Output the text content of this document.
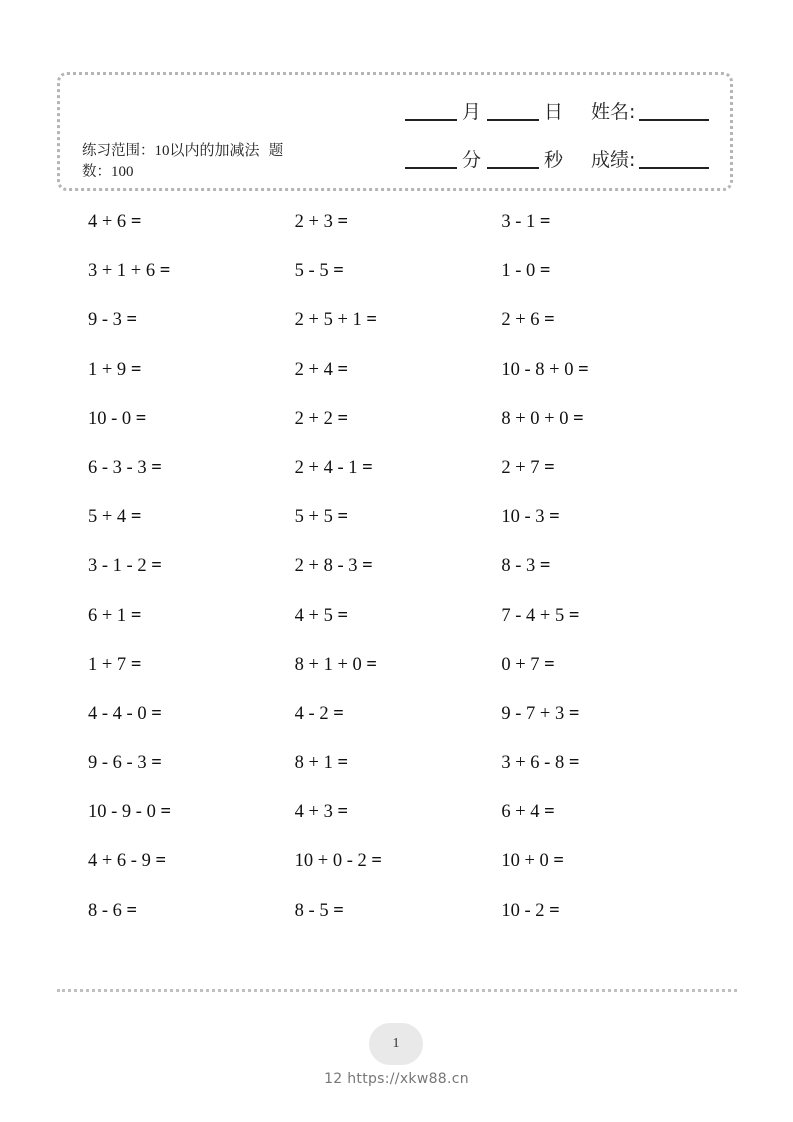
月	日 姓名:
分	秒 成绩:
练习范围：10以内的加减法 题
数：100
4 + 6 =	2 + 3 =	3 - 1 =
3 + 1 + 6 =	5 - 5 =	1 - 0 =
9 - 3 =	2 + 5 + 1 =	2 + 6 =
1 + 9 =	2 + 4 =	10 - 8 + 0 =
10 - 0 =	2 + 2 =	8 + 0 + 0 =
6 - 3 - 3 =	2 + 4 - 1 =	2 + 7 =
5 + 4 =	5 + 5 =	10 - 3 =
3 - 1 - 2 =	2 + 8 - 3 =	8 - 3 =
6 + 1 =	4 + 5 =	7 - 4 + 5 =
1 + 7 =	8 + 1 + 0 =	0 + 7 =
4 - 4 - 0 =	4 - 2 =	9 - 7 + 3 =
9 - 6 - 3 =	8 + 1 =	3 + 6 - 8 =
10 - 9 - 0 =	4 + 3 =	6 + 4 =
4 + 6 - 9 =	10 + 0 - 2 =	10 + 0 =
8 - 6 =	8 - 5 =	10 - 2 =
1
12 https://xkw88.cn
